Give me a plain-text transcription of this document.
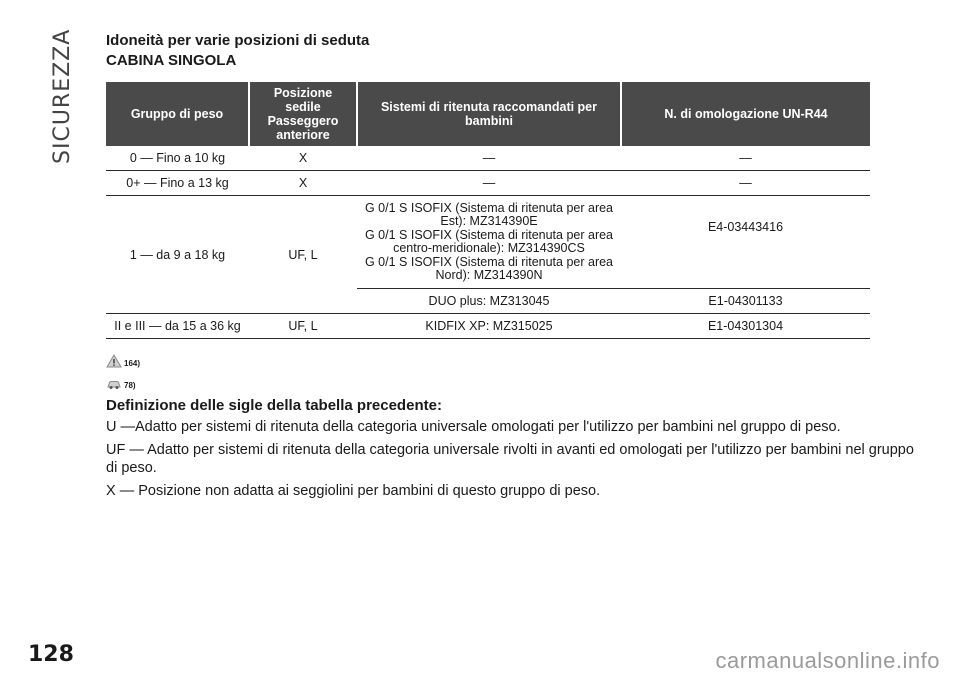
SICUREZZA Idoneità per varie posizioni di seduta
CABINA SINGOLA
Gruppo di peso	Posizione sedile Passeggero anteriore	Sistemi di ritenuta raccomandati per bambini	N. di omologazione UN-R44
0 — Fino a 10 kg	X	—	—
0+ — Fino a 13 kg	X	—	—
1 — da 9 a 18 kg	UF, L	G 0/1 S ISOFIX (Sistema di ritenuta per area Est): MZ314390E
G 0/1 S ISOFIX (Sistema di ritenuta per area centro-meridionale): MZ314390CS
G 0/1 S ISOFIX (Sistema di ritenuta per area Nord): MZ314390N	E4-03443416
		DUO plus: MZ313045	E1-04301133
II e III — da 15 a 36 kg	UF, L	KIDFIX XP: MZ315025	E1-04301304
164)
78)
Definizione delle sigle della tabella precedente:
U —Adatto per sistemi di ritenuta della categoria universale omologati per l'utilizzo per bambini nel gruppo di peso.
UF — Adatto per sistemi di ritenuta della categoria universale rivolti in avanti ed omologati per l'utilizzo per bambini nel gruppo di peso.
X — Posizione non adatta ai seggiolini per bambini di questo gruppo di peso.
128	carmanualsonline.info
